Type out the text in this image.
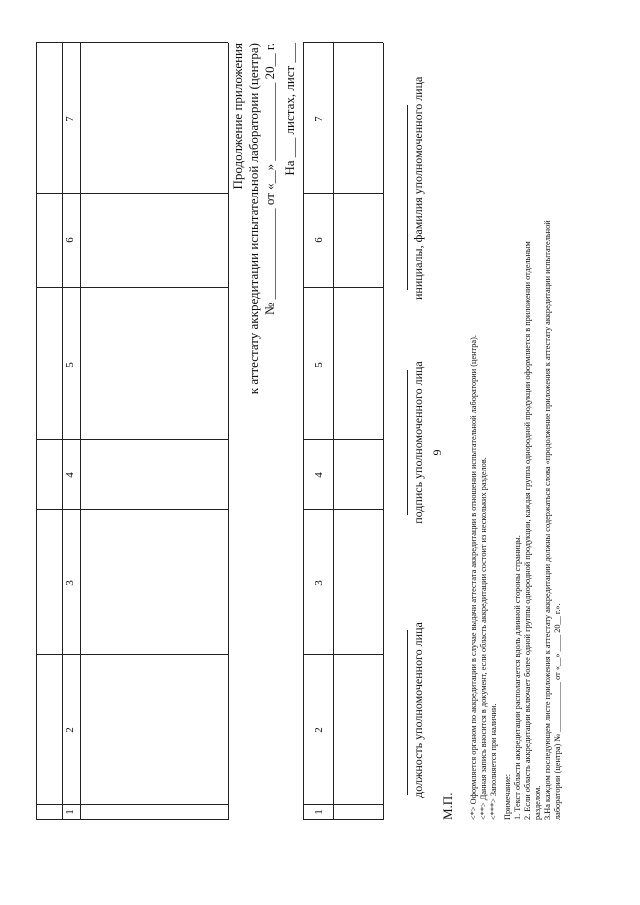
9
1
2
3
4
5
6
7	Продолжение приложения к аттестату аккредитации испытательной лаборатории (центра) № ______________ от «__» ____________ 20__ г. На ___ листах, лист ___
1
2
3
4
5
6
7
должность уполномоченного лица
подпись уполномоченного лица
инициалы, фамилия уполномоченного лица
М.П. <*> Оформляется органом по аккредитации в случае выдачи аттестата аккредитации в отношении испытательной лаборатории (центра). <**> Данная запись вносится в документ, если область аккредитации состоит из нескольких разделов. <***> Заполняется при наличии. Примечание: 1. Текст области аккредитации располагается вдоль длинной стороны страницы. 2. Если область аккредитации включает более одной группы однородной продукции, каждая группа однородной продукции оформляется в приложении отдельным разделом. 3.На каждом последующем листе приложения к аттестату аккредитации должны содержаться слова «продолжение приложения к аттестату аккредитации испытательной лаборатории (центра) № ____________ от «__» ____ 20__ г.».
